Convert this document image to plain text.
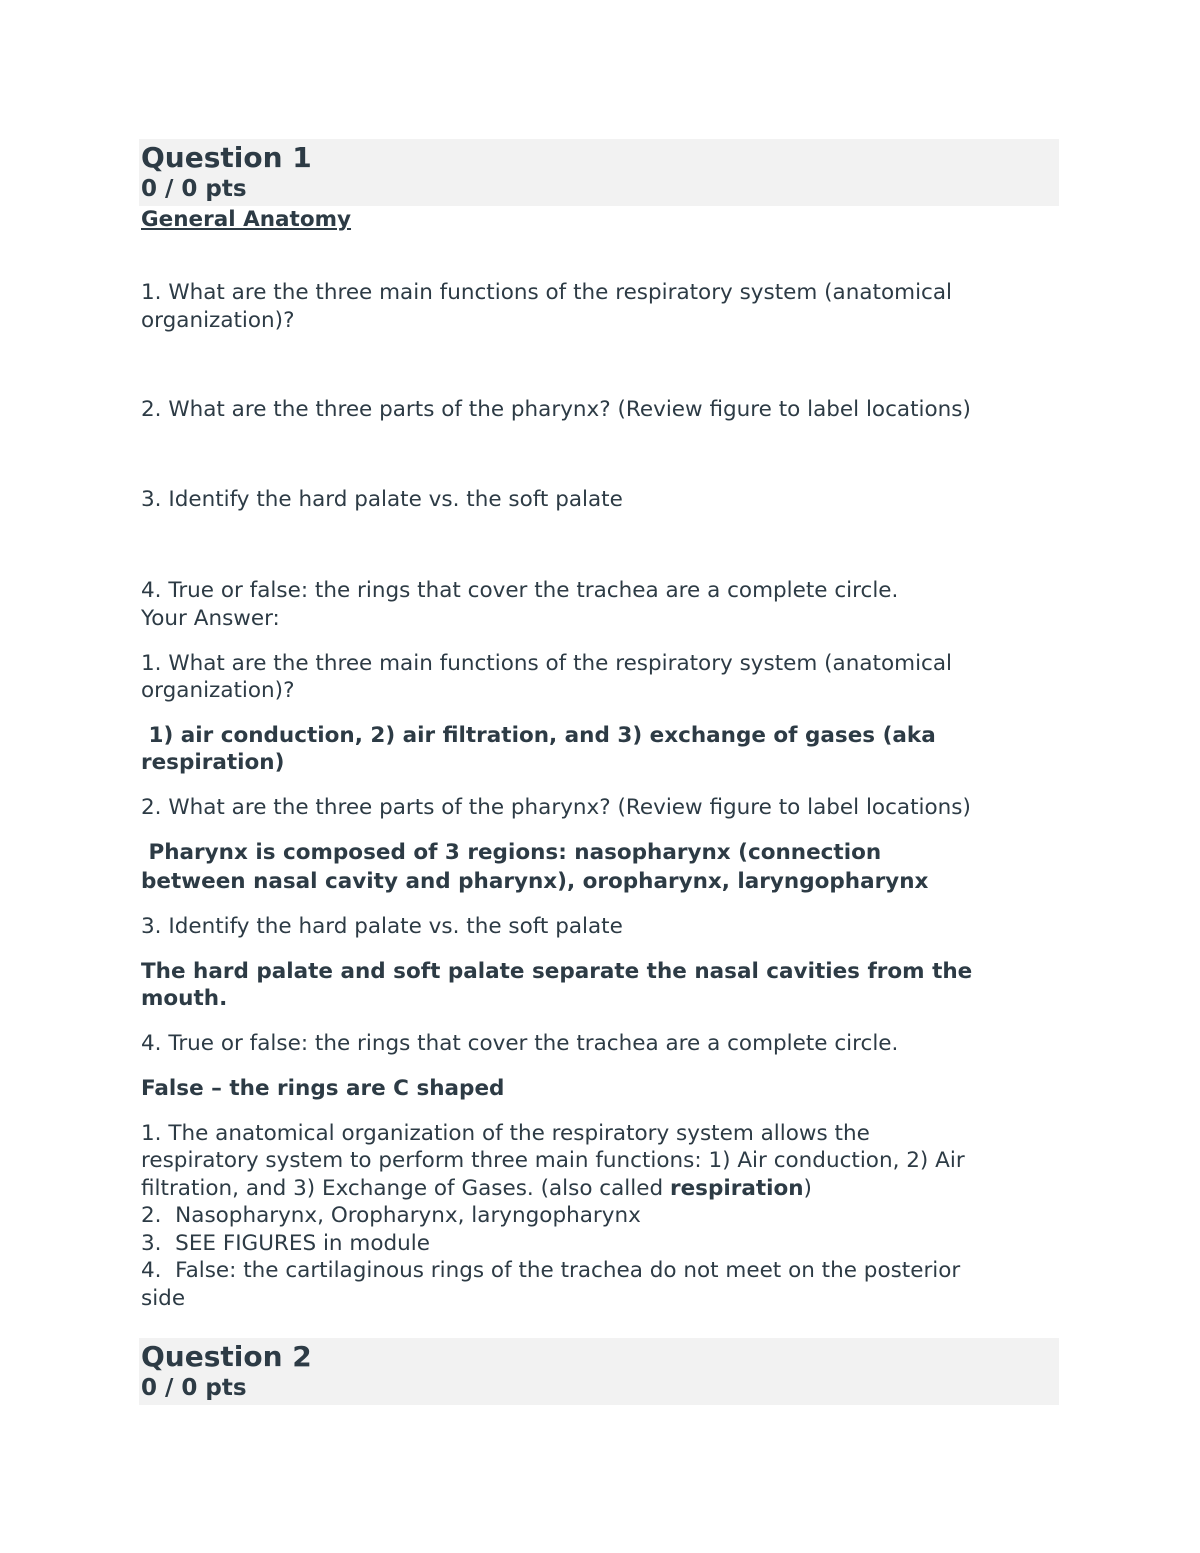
Question 1
0 / 0 pts
General Anatomy
1. What are the three main functions of the respiratory system (anatomical
organization)?
2. What are the three parts of the pharynx? (Review figure to label locations)
3. Identify the hard palate vs. the soft palate
4. True or false: the rings that cover the trachea are a complete circle.
Your Answer:
1. What are the three main functions of the respiratory system (anatomical
organization)?
1) air conduction, 2) air filtration, and 3) exchange of gases (aka
respiration)
2. What are the three parts of the pharynx? (Review figure to label locations)
Pharynx is composed of 3 regions: nasopharynx (connection
between nasal cavity and pharynx), oropharynx, laryngopharynx
3. Identify the hard palate vs. the soft palate
The hard palate and soft palate separate the nasal cavities from the
mouth.
4. True or false: the rings that cover the trachea are a complete circle.
False – the rings are C shaped
1. The anatomical organization of the respiratory system allows the
respiratory system to perform three main functions: 1) Air conduction, 2) Air
filtration, and 3) Exchange of Gases. (also called respiration)
2.  Nasopharynx, Oropharynx, laryngopharynx
3.  SEE FIGURES in module
4.  False: the cartilaginous rings of the trachea do not meet on the posterior
side
Question 2
0 / 0 pts
